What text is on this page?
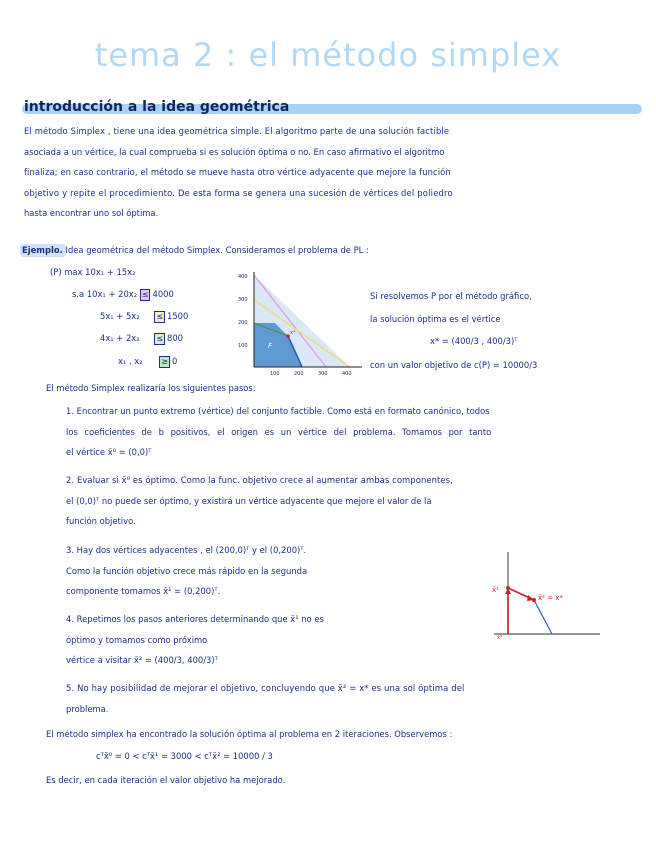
tema 2 : el método simplex
introducción a la idea geométrica
El método Simplex , tiene una idea geométrica simple. El algoritmo parte de una solución factible
asociada a un vértice, la cual comprueba si es solución óptima o no. En caso afirmativo el algoritmo
finaliza; en caso contrario, el método se mueve hasta otro vértice adyacente que mejore la función
objetivo y repite el procedimiento. De esta forma se genera una sucesión de vértices del poliedro
hasta encontrar uno sol óptima.
Ejemplo. Idea geométrica del método Simplex. Consideramos el problema de PL :
(P) max 10x₁ + 15x₂
s.a 10x₁ + 20x₂ ≤ 4000
5x₁ + 5x₂ ≤ 1500
4x₁ + 2x₂ ≤ 800
x₁ , x₂ ≥ 0
400
300
200
100
100	200	300	400
F
x*
Si resolvemos P por el método gráfico,
la solución óptima es el vértice
x* = (400/3 , 400/3)ᵀ
con un valor objetivo de c(P) = 10000/3
El método Simplex realizaría los siguientes pasos:
1. Encontrar un punto extremo (vértice) del conjunto factible. Como está en formato canónico, todos
los coeficientes de b positivos, el origen es un vértice del problema. Tomamos por tanto
el vértice x̄⁰ = (0,0)ᵀ
2. Evaluar si x̄⁰ es óptimo. Como la func. objetivo crece al aumentar ambas componentes,
el (0,0)ᵀ no puede ser óptimo, y existirá un vértice adyacente que mejore el valor de la
función objetivo.
3. Hay dos vértices adyacentes , el (200,0)ᵀ y el (0,200)ᵀ.
Como la función objetivo crece más rápido en la segunda
componente tomamos x̄¹ = (0,200)ᵀ.
4. Repetimos los pasos anteriores determinando que x̄¹ no es
óptimo y tomamos como próximo
vértice a visitar x̄² = (400/3, 400/3)ᵀ
x̄¹
x̄² = x*
x̄⁰
5. No hay posibilidad de mejorar el objetivo, concluyendo que x̄² = x* es una sol óptima del
problema.
El método simplex ha encontrado la solución óptima al problema en 2 iteraciones. Observemos :
cᵀx̄⁰ = 0 < cᵀx̄¹ = 3000 < cᵀx̄² = 10000 / 3
Es decir, en cada iteración el valor objetivo ha mejorado.
